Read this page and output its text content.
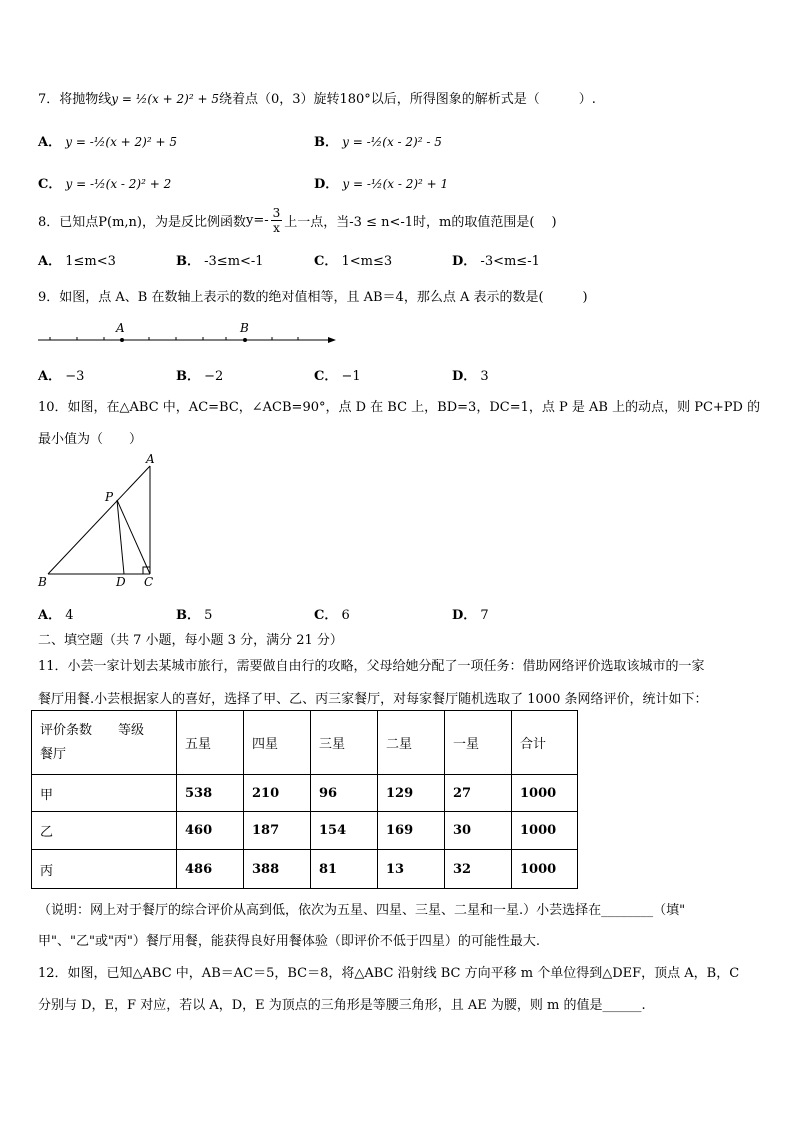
7．将抛物线y = ½(x + 2)² + 5绕着点（0，3）旋转180°以后，所得图象的解析式是（　　　）.
A． y = -½(x + 2)² + 5	B． y = -½(x - 2)² - 5
C． y = -½(x - 2)² + 2	D． y = -½(x - 2)² + 1
8．已知点P(m,n)，为是反比例函数$y=- \frac{3}{x}$ 上一点，当-3 ≤ n<-1时，m的取值范围是(　 )
A． 1≤m<3	B． -3≤m<-1	C． 1<m≤3	D． -3<m≤-1
9．如图，点 A、B 在数轴上表示的数的绝对值相等，且 AB＝4，那么点 A 表示的数是(　　　)
A	B
A． −3	B． −2	C． −1	D． 3
10．如图，在△ABC 中，AC=BC，∠ACB=90°，点 D 在 BC 上，BD=3，DC=1，点 P 是 AB 上的动点，则 PC+PD 的
最小值为（　　）
A
B	C
D
P
A． 4	B． 5	C． 6	D． 7
二、填空题（共 7 小题，每小题 3 分，满分 21 分）
11．小芸一家计划去某城市旅行，需要做自由行的攻略，父母给她分配了一项任务：借助网络评价选取该城市的一家
餐厅用餐.小芸根据家人的喜好，选择了甲、乙、丙三家餐厅，对每家餐厅随机选取了 1000 条网络评价，统计如下：
评价条数　　等级
餐厅	五星	四星	三星	二星	一星	合计
甲	538	210	96	129	27	1000
乙	460	187	154	169	30	1000
丙	486	388	81	13	32	1000
（说明：网上对于餐厅的综合评价从高到低，依次为五星、四星、三星、二星和一星.）小芸选择在________（填"
甲"、"乙"或"丙"）餐厅用餐，能获得良好用餐体验（即评价不低于四星）的可能性最大.
12．如图，已知△ABC 中，AB＝AC＝5，BC＝8，将△ABC 沿射线 BC 方向平移 m 个单位得到△DEF，顶点 A，B，C
分别与 D，E，F 对应，若以 A，D，E 为顶点的三角形是等腰三角形，且 AE 为腰，则 m 的值是______.
